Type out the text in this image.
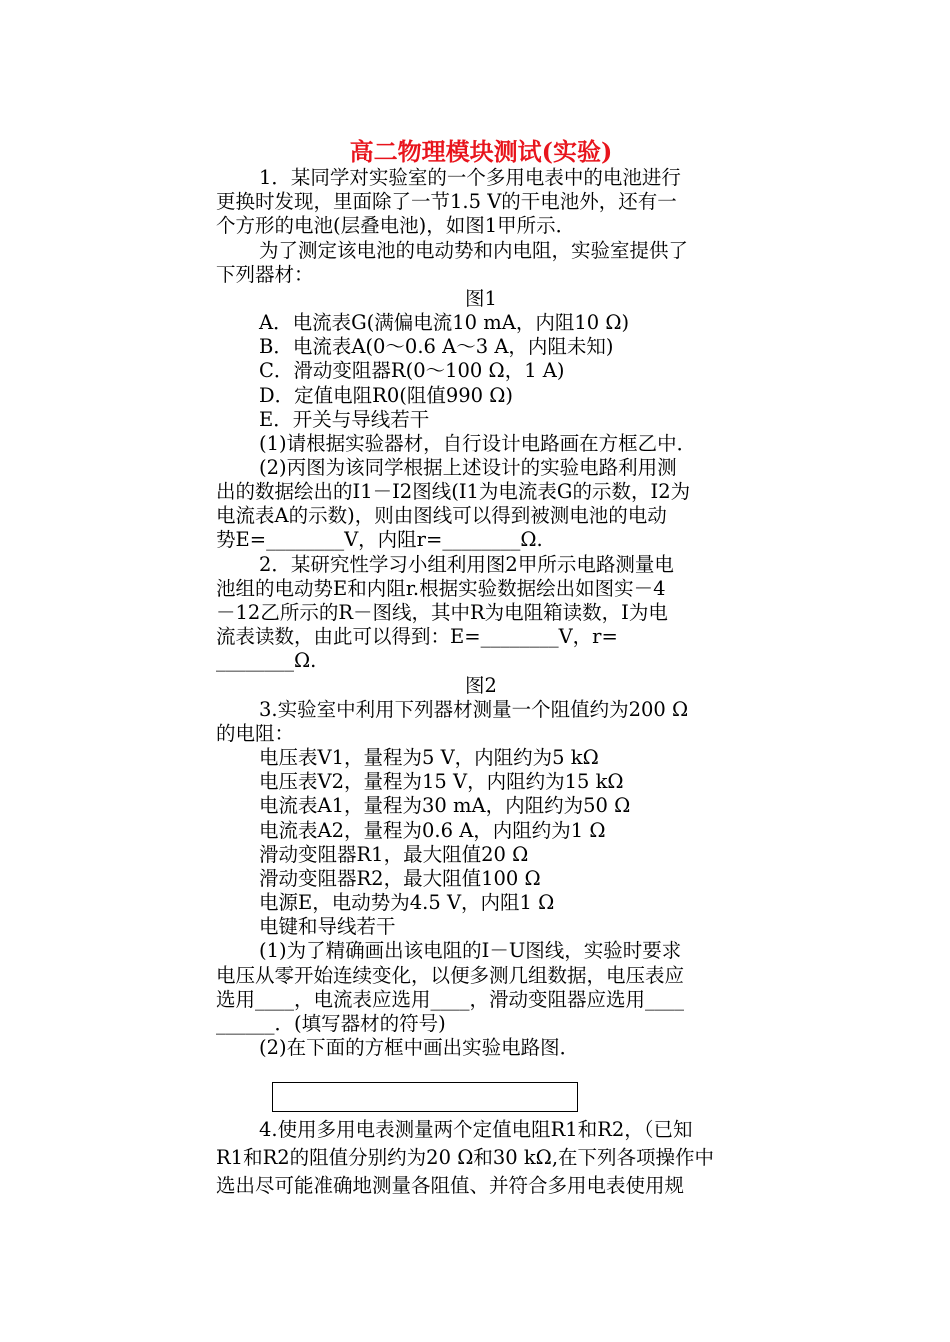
高二物理模块测试(实验)
1．某同学对实验室的一个多用电表中的电池进行
更换时发现，里面除了一节1.5 V的干电池外，还有一
个方形的电池(层叠电池)，如图1甲所示．
为了测定该电池的电动势和内电阻，实验室提供了
下列器材：
图1
A．电流表G(满偏电流10 mA，内阻10 Ω)
B．电流表A(0～0.6 A～3 A，内阻未知)
C．滑动变阻器R(0～100 Ω，1 A)
D．定值电阻R0(阻值990 Ω)
E．开关与导线若干
(1)请根据实验器材，自行设计电路画在方框乙中．
(2)丙图为该同学根据上述设计的实验电路利用测
出的数据绘出的I1－I2图线(I1为电流表G的示数，I2为
电流表A的示数)，则由图线可以得到被测电池的电动
势E=________V，内阻r=________Ω.
2．某研究性学习小组利用图2甲所示电路测量电
池组的电动势E和内阻r.根据实验数据绘出如图实－4
－12乙所示的R－图线，其中R为电阻箱读数，I为电
流表读数，由此可以得到：E=________V，r=
________Ω.
图2
3.实验室中利用下列器材测量一个阻值约为200 Ω
的电阻：
电压表V1，量程为5 V，内阻约为5 kΩ
电压表V2，量程为15 V，内阻约为15 kΩ
电流表A1，量程为30 mA，内阻约为50 Ω
电流表A2，量程为0.6 A，内阻约为1 Ω
滑动变阻器R1，最大阻值20 Ω
滑动变阻器R2，最大阻值100 Ω
电源E，电动势为4.5 V，内阻1 Ω
电键和导线若干
(1)为了精确画出该电阻的I－U图线，实验时要求
电压从零开始连续变化，以便多测几组数据，电压表应
选用____，电流表应选用____，滑动变阻器应选用____
______．(填写器材的符号)
(2)在下面的方框中画出实验电路图．
4.使用多用电表测量两个定值电阻R1和R2，（已知
R1和R2的阻值分别约为20 Ω和30 kΩ,在下列各项操作中
选出尽可能准确地测量各阻值、并符合多用电表使用规
